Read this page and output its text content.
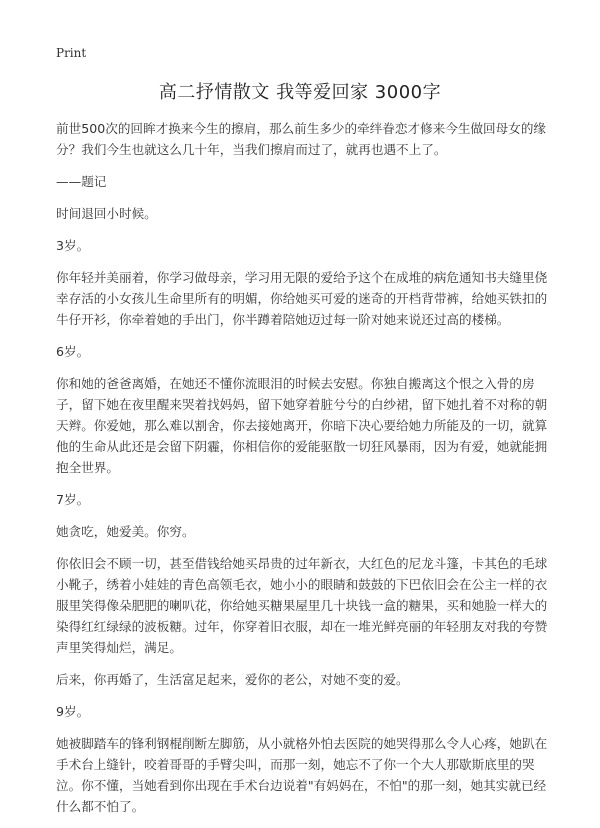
Print
高二抒情散文 我等爱回家 3000字

前世500次的回眸才换来今生的擦肩，那么前生多少的牵绊眷恋才修来今生做回母女的缘分？我们今生也就这么几十年，当我们擦肩而过了，就再也遇不上了。

——题记

时间退回小时候。

3岁。

你年轻并美丽着，你学习做母亲，学习用无限的爱给予这个在成堆的病危通知书夫缝里侥幸存活的小女孩儿生命里所有的明媚，你给她买可爱的迷奇的开档背带裤，给她买铁扣的牛仔开衫，你牵着她的手出门，你半蹲着陪她迈过每一阶对她来说还过高的楼梯。

6岁。

你和她的爸爸离婚，在她还不懂你流眼泪的时候去安慰。你独自搬离这个恨之入骨的房子，留下她在夜里醒来哭着找妈妈，留下她穿着脏兮兮的白纱裙，留下她扎着不对称的朝天辫。你爱她，那么难以割舍，你去接她离开，你暗下决心要给她力所能及的一切，就算他的生命从此还是会留下阴霾，你相信你的爱能驱散一切狂风暴雨，因为有爱，她就能拥抱全世界。

7岁。

她贪吃，她爱美。你穷。

你依旧会不顾一切，甚至借钱给她买昂贵的过年新衣，大红色的尼龙斗篷，卡其色的毛球小靴子，绣着小娃娃的青色高领毛衣，她小小的眼睛和鼓鼓的下巴依旧会在公主一样的衣服里笑得像朵肥肥的喇叭花，你给她买糖果屋里几十块钱一盒的糖果，买和她脸一样大的染得红红绿绿的波板糖。过年，你穿着旧衣服，却在一堆光鲜亮丽的年轻朋友对我的夸赞声里笑得灿烂，满足。

后来，你再婚了，生活富足起来，爱你的老公，对她不变的爱。

9岁。

她被脚踏车的锋利钢棍削断左脚筋，从小就格外怕去医院的她哭得那么令人心疼，她趴在手术台上缝针，咬着哥哥的手臂尖叫，而那一刻，她忘不了你一个大人那歇斯底里的哭泣。你不懂，当她看到你出现在手术台边说着"有妈妈在，不怕"的那一刻，她其实就已经什么都不怕了。
